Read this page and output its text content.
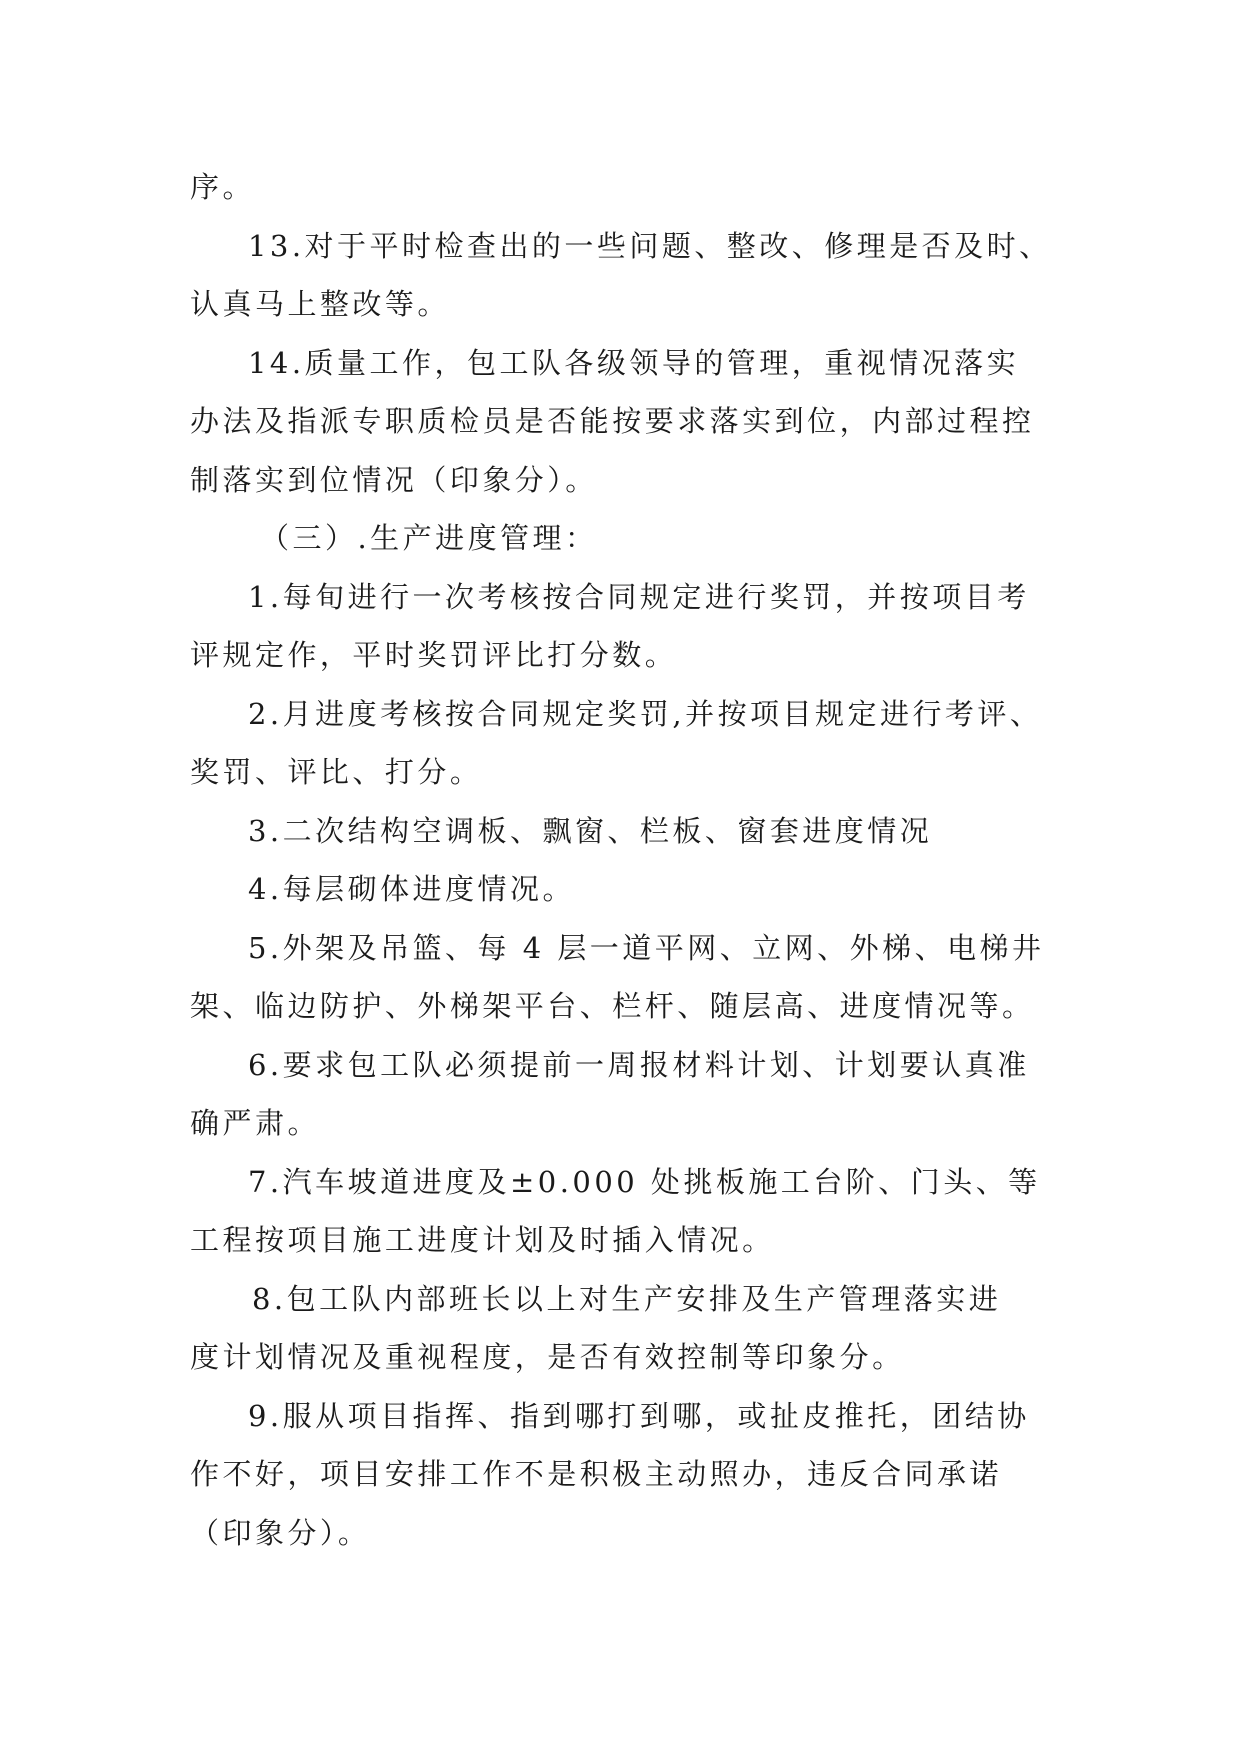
序。
13.对于平时检查出的一些问题、整改、修理是否及时、
认真马上整改等。
14.质量工作，包工队各级领导的管理，重视情况落实
办法及指派专职质检员是否能按要求落实到位，内部过程控
制落实到位情况（印象分）。
（三）.生产进度管理：
1.每旬进行一次考核按合同规定进行奖罚，并按项目考
评规定作，平时奖罚评比打分数。
2.月进度考核按合同规定奖罚,并按项目规定进行考评、
奖罚、评比、打分。
3.二次结构空调板、飘窗、栏板、窗套进度情况
4.每层砌体进度情况。
5.外架及吊篮、每 4 层一道平网、立网、外梯、电梯井
架、临边防护、外梯架平台、栏杆、随层高、进度情况等。
6.要求包工队必须提前一周报材料计划、计划要认真准
确严肃。
7.汽车坡道进度及±0.000 处挑板施工台阶、门头、等
工程按项目施工进度计划及时插入情况。
8.包工队内部班长以上对生产安排及生产管理落实进
度计划情况及重视程度，是否有效控制等印象分。
9.服从项目指挥、指到哪打到哪，或扯皮推托，团结协
作不好，项目安排工作不是积极主动照办，违反合同承诺
（印象分）。
